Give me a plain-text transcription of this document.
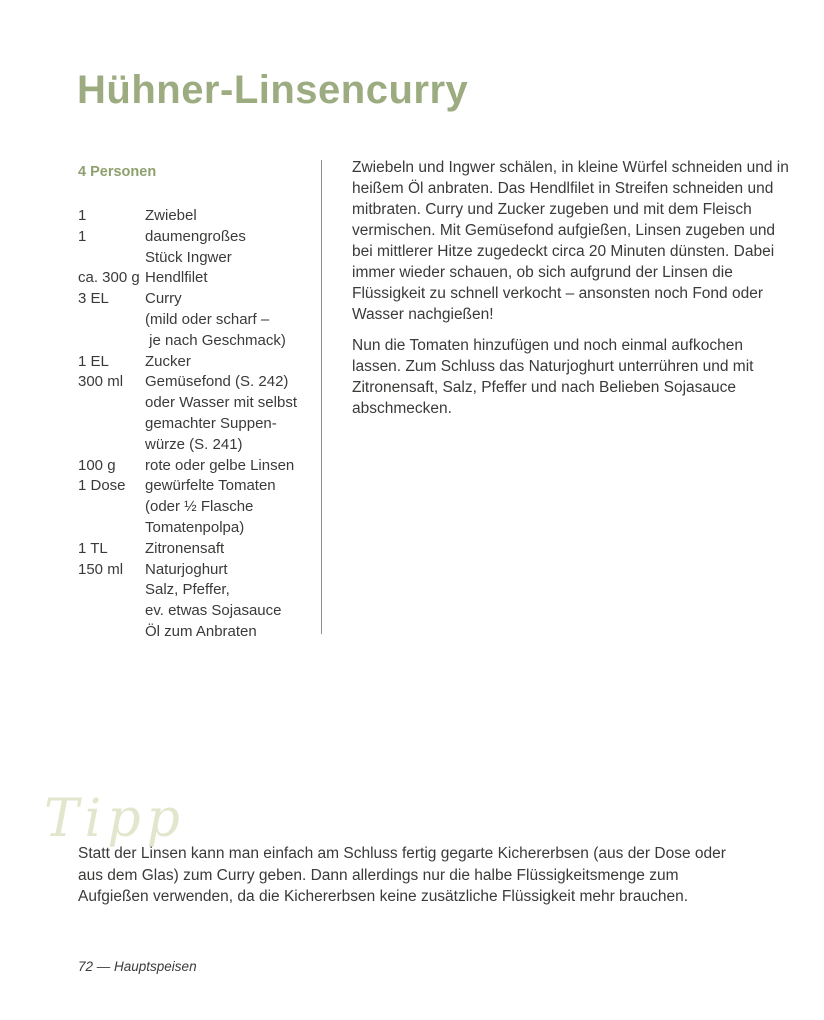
Hühner-Linsencurry
4 Personen
1	Zwiebel
1	daumengroßes
Stück Ingwer
ca. 300 g Hendlfilet
3 EL	Curry
(mild oder scharf –
je nach Geschmack)
1 EL	Zucker
300 ml	Gemüsefond (S. 242)
oder Wasser mit selbst
gemachter Suppen-
würze (S. 241)
100 g	rote oder gelbe Linsen
1 Dose	gewürfelte Tomaten
(oder ½ Flasche
Tomatenpolpa)
1 TL	Zitronensaft
150 ml	Naturjoghurt
Salz, Pfeffer,
ev. etwas Sojasauce
Öl zum Anbraten

Zwiebeln und Ingwer schälen, in kleine Würfel schneiden und in heißem Öl anbraten. Das Hendlfilet in Streifen schneiden und mitbraten. Curry und Zucker zugeben und mit dem Fleisch vermischen. Mit Gemüsefond aufgießen, Linsen zugeben und bei mittlerer Hitze zugedeckt circa 20 Minuten dünsten. Dabei immer wieder schauen, ob sich aufgrund der Linsen die Flüssigkeit zu schnell verkocht – ansonsten noch Fond oder Wasser nachgießen!

Nun die Tomaten hinzufügen und noch einmal aufkochen lassen. Zum Schluss das Naturjoghurt unterrühren und mit Zitronensaft, Salz, Pfeffer und nach Belieben Sojasauce abschmecken.

Tipp

Statt der Linsen kann man einfach am Schluss fertig gegarte Kichererbsen (aus der Dose oder aus dem Glas) zum Curry geben. Dann allerdings nur die halbe Flüssigkeitsmenge zum Aufgießen verwenden, da die Kichererbsen keine zusätzliche Flüssigkeit mehr brauchen.

72 — Hauptspeisen
